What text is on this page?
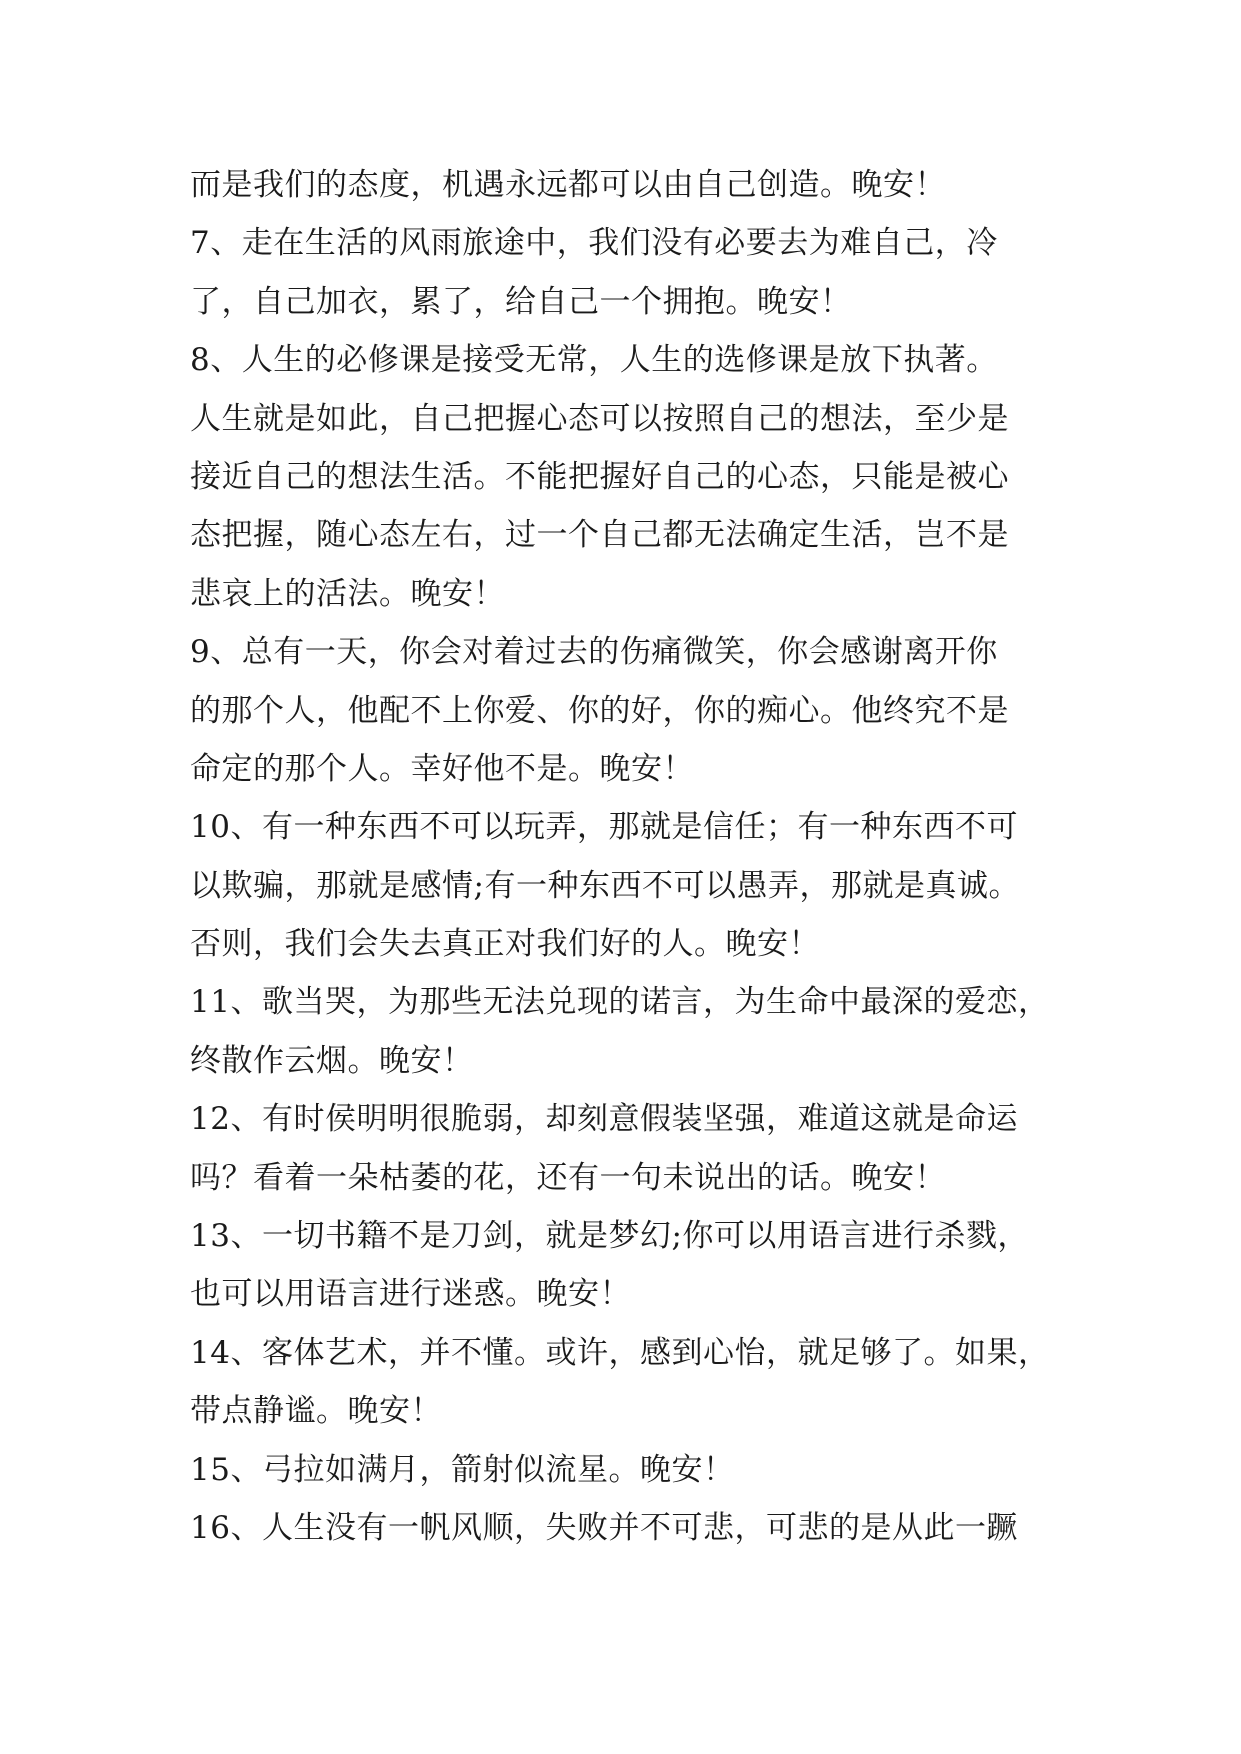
而是我们的态度，机遇永远都可以由自己创造。晚安！
7、走在生活的风雨旅途中，我们没有必要去为难自己，冷
了，自己加衣，累了，给自己一个拥抱。晚安！
8、人生的必修课是接受无常，人生的选修课是放下执著。
人生就是如此，自己把握心态可以按照自己的想法，至少是
接近自己的想法生活。不能把握好自己的心态，只能是被心
态把握，随心态左右，过一个自己都无法确定生活，岂不是
悲哀上的活法。晚安！
9、总有一天，你会对着过去的伤痛微笑，你会感谢离开你
的那个人，他配不上你爱、你的好，你的痴心。他终究不是
命定的那个人。幸好他不是。晚安！
10、有一种东西不可以玩弄，那就是信任；有一种东西不可
以欺骗，那就是感情;有一种东西不可以愚弄，那就是真诚。
否则，我们会失去真正对我们好的人。晚安！
11、歌当哭，为那些无法兑现的诺言，为生命中最深的爱恋，
终散作云烟。晚安！
12、有时侯明明很脆弱，却刻意假装坚强，难道这就是命运
吗？看着一朵枯萎的花，还有一句未说出的话。晚安！
13、一切书籍不是刀剑，就是梦幻;你可以用语言进行杀戮，
也可以用语言进行迷惑。晚安！
14、客体艺术，并不懂。或许，感到心怡，就足够了。如果，
带点静谧。晚安！
15、弓拉如满月，箭射似流星。晚安！
16、人生没有一帆风顺，失败并不可悲，可悲的是从此一蹶
